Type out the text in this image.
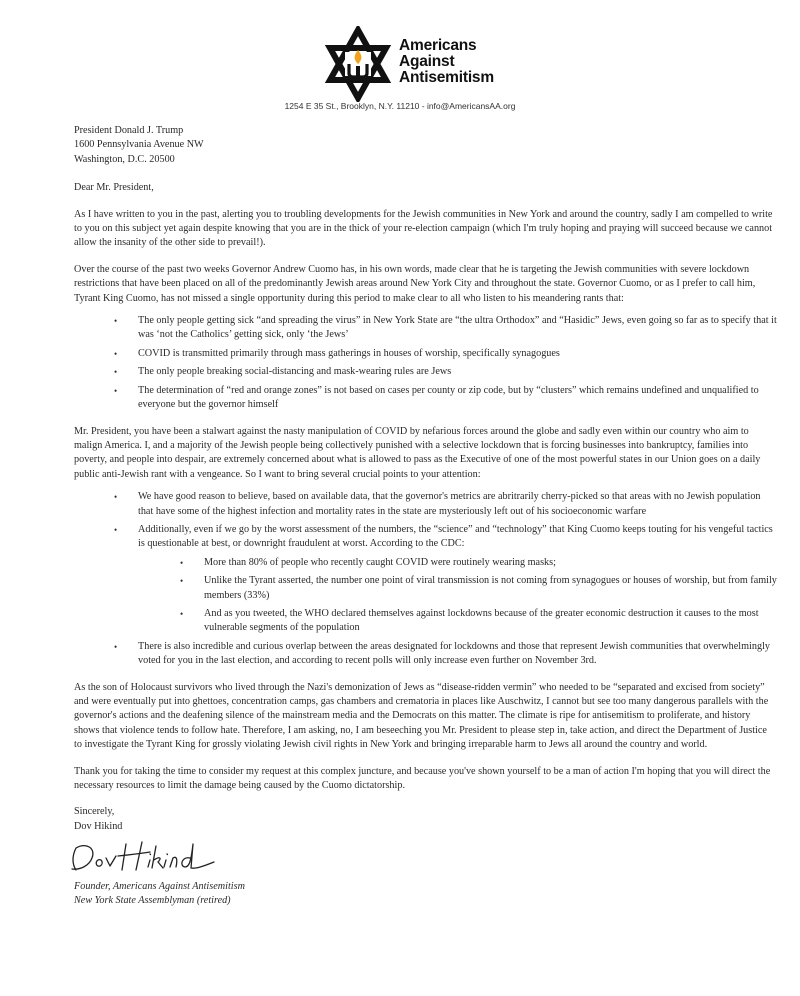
Americans
Against
Antisemitism
1254 E 35 St., Brooklyn, N.Y. 11210 - info@AmericansAA.org

President Donald J. Trump

1600 Pennsylvania Avenue NW

Washington, D.C. 20500

Dear Mr. President,

As I have written to you in the past, alerting you to troubling developments for the Jewish communities in New York and around the country, sadly I am compelled to write to you on this subject yet again despite knowing that you are in the thick of your re-election campaign (which I'm truly hoping and praying will succeed because we cannot allow the insanity of the other side to prevail!).

Over the course of the past two weeks Governor Andrew Cuomo has, in his own words, made clear that he is targeting the Jewish communities with severe lockdown restrictions that have been placed on all of the predominantly Jewish areas around New York City and throughout the state. Governor Cuomo, or as I prefer to call him, Tyrant King Cuomo, has not missed a single opportunity during this period to make clear to all who listen to his meandering rants that:

• The only people getting sick “and spreading the virus” in New York State are “the ultra Orthodox” and “Hasidic” Jews, even going so far as to specify that it was ‘not the Catholics’ getting sick, only ‘the Jews’
• COVID is transmitted primarily through mass gatherings in houses of worship, specifically synagogues
• The only people breaking social-distancing and mask-wearing rules are Jews
• The determination of “red and orange zones” is not based on cases per county or zip code, but by “clusters” which remains undefined and unqualified to everyone but the governor himself

Mr. President, you have been a stalwart against the nasty manipulation of COVID by nefarious forces around the globe and sadly even within our country who aim to malign America. I, and a majority of the Jewish people being collectively punished with a selective lockdown that is forcing businesses into bankruptcy, families into poverty, and people into despair, are extremely concerned about what is allowed to pass as the Executive of one of the most powerful states in our Union goes on a daily public anti-Jewish rant with a vengeance. So I want to bring several crucial points to your attention:

• We have good reason to believe, based on available data, that the governor's metrics are abritrarily cherry-picked so that areas with no Jewish population that have some of the highest infection and mortality rates in the state are mysteriously left out of his socioeconomic warfare
• Additionally, even if we go by the worst assessment of the numbers, the “science” and “technology” that King Cuomo keeps touting for his vengeful tactics is questionable at best, or downright fraudulent at worst. According to the CDC:
• More than 80% of people who recently caught COVID were routinely wearing masks;
• Unlike the Tyrant asserted, the number one point of viral transmission is not coming from synagogues or houses of worship, but from family members (33%)
• And as you tweeted, the WHO declared themselves against lockdowns because of the greater economic destruction it causes to the most vulnerable segments of the population
• There is also incredible and curious overlap between the areas designated for lockdowns and those that represent Jewish communities that overwhelmingly voted for you in the last election, and according to recent polls will only increase even further on November 3rd.

As the son of Holocaust survivors who lived through the Nazi's demonization of Jews as “disease-ridden vermin” who needed to be “separated and excised from society” and were eventually put into ghettoes, concentration camps, gas chambers and crematoria in places like Auschwitz, I cannot but see too many dangerous parallels with the governor's actions and the deafening silence of the mainstream media and the Democrats on this matter. The climate is ripe for antisemitism to proliferate, and history shows that violence tends to follow hate. Therefore, I am asking, no, I am beseeching you Mr. President to please step in, take action, and direct the Department of Justice to investigate the Tyrant King for grossly violating Jewish civil rights in New York and bringing irreparable harm to Jews all around the country and world.

Thank you for taking the time to consider my request at this complex juncture, and because you've shown yourself to be a man of action I'm hoping that you will direct the necessary resources to limit the damage being caused by the Cuomo dictatorship.

Sincerely,

Dov Hikind

Founder, Americans Against Antisemitism

New York State Assemblyman (retired)
